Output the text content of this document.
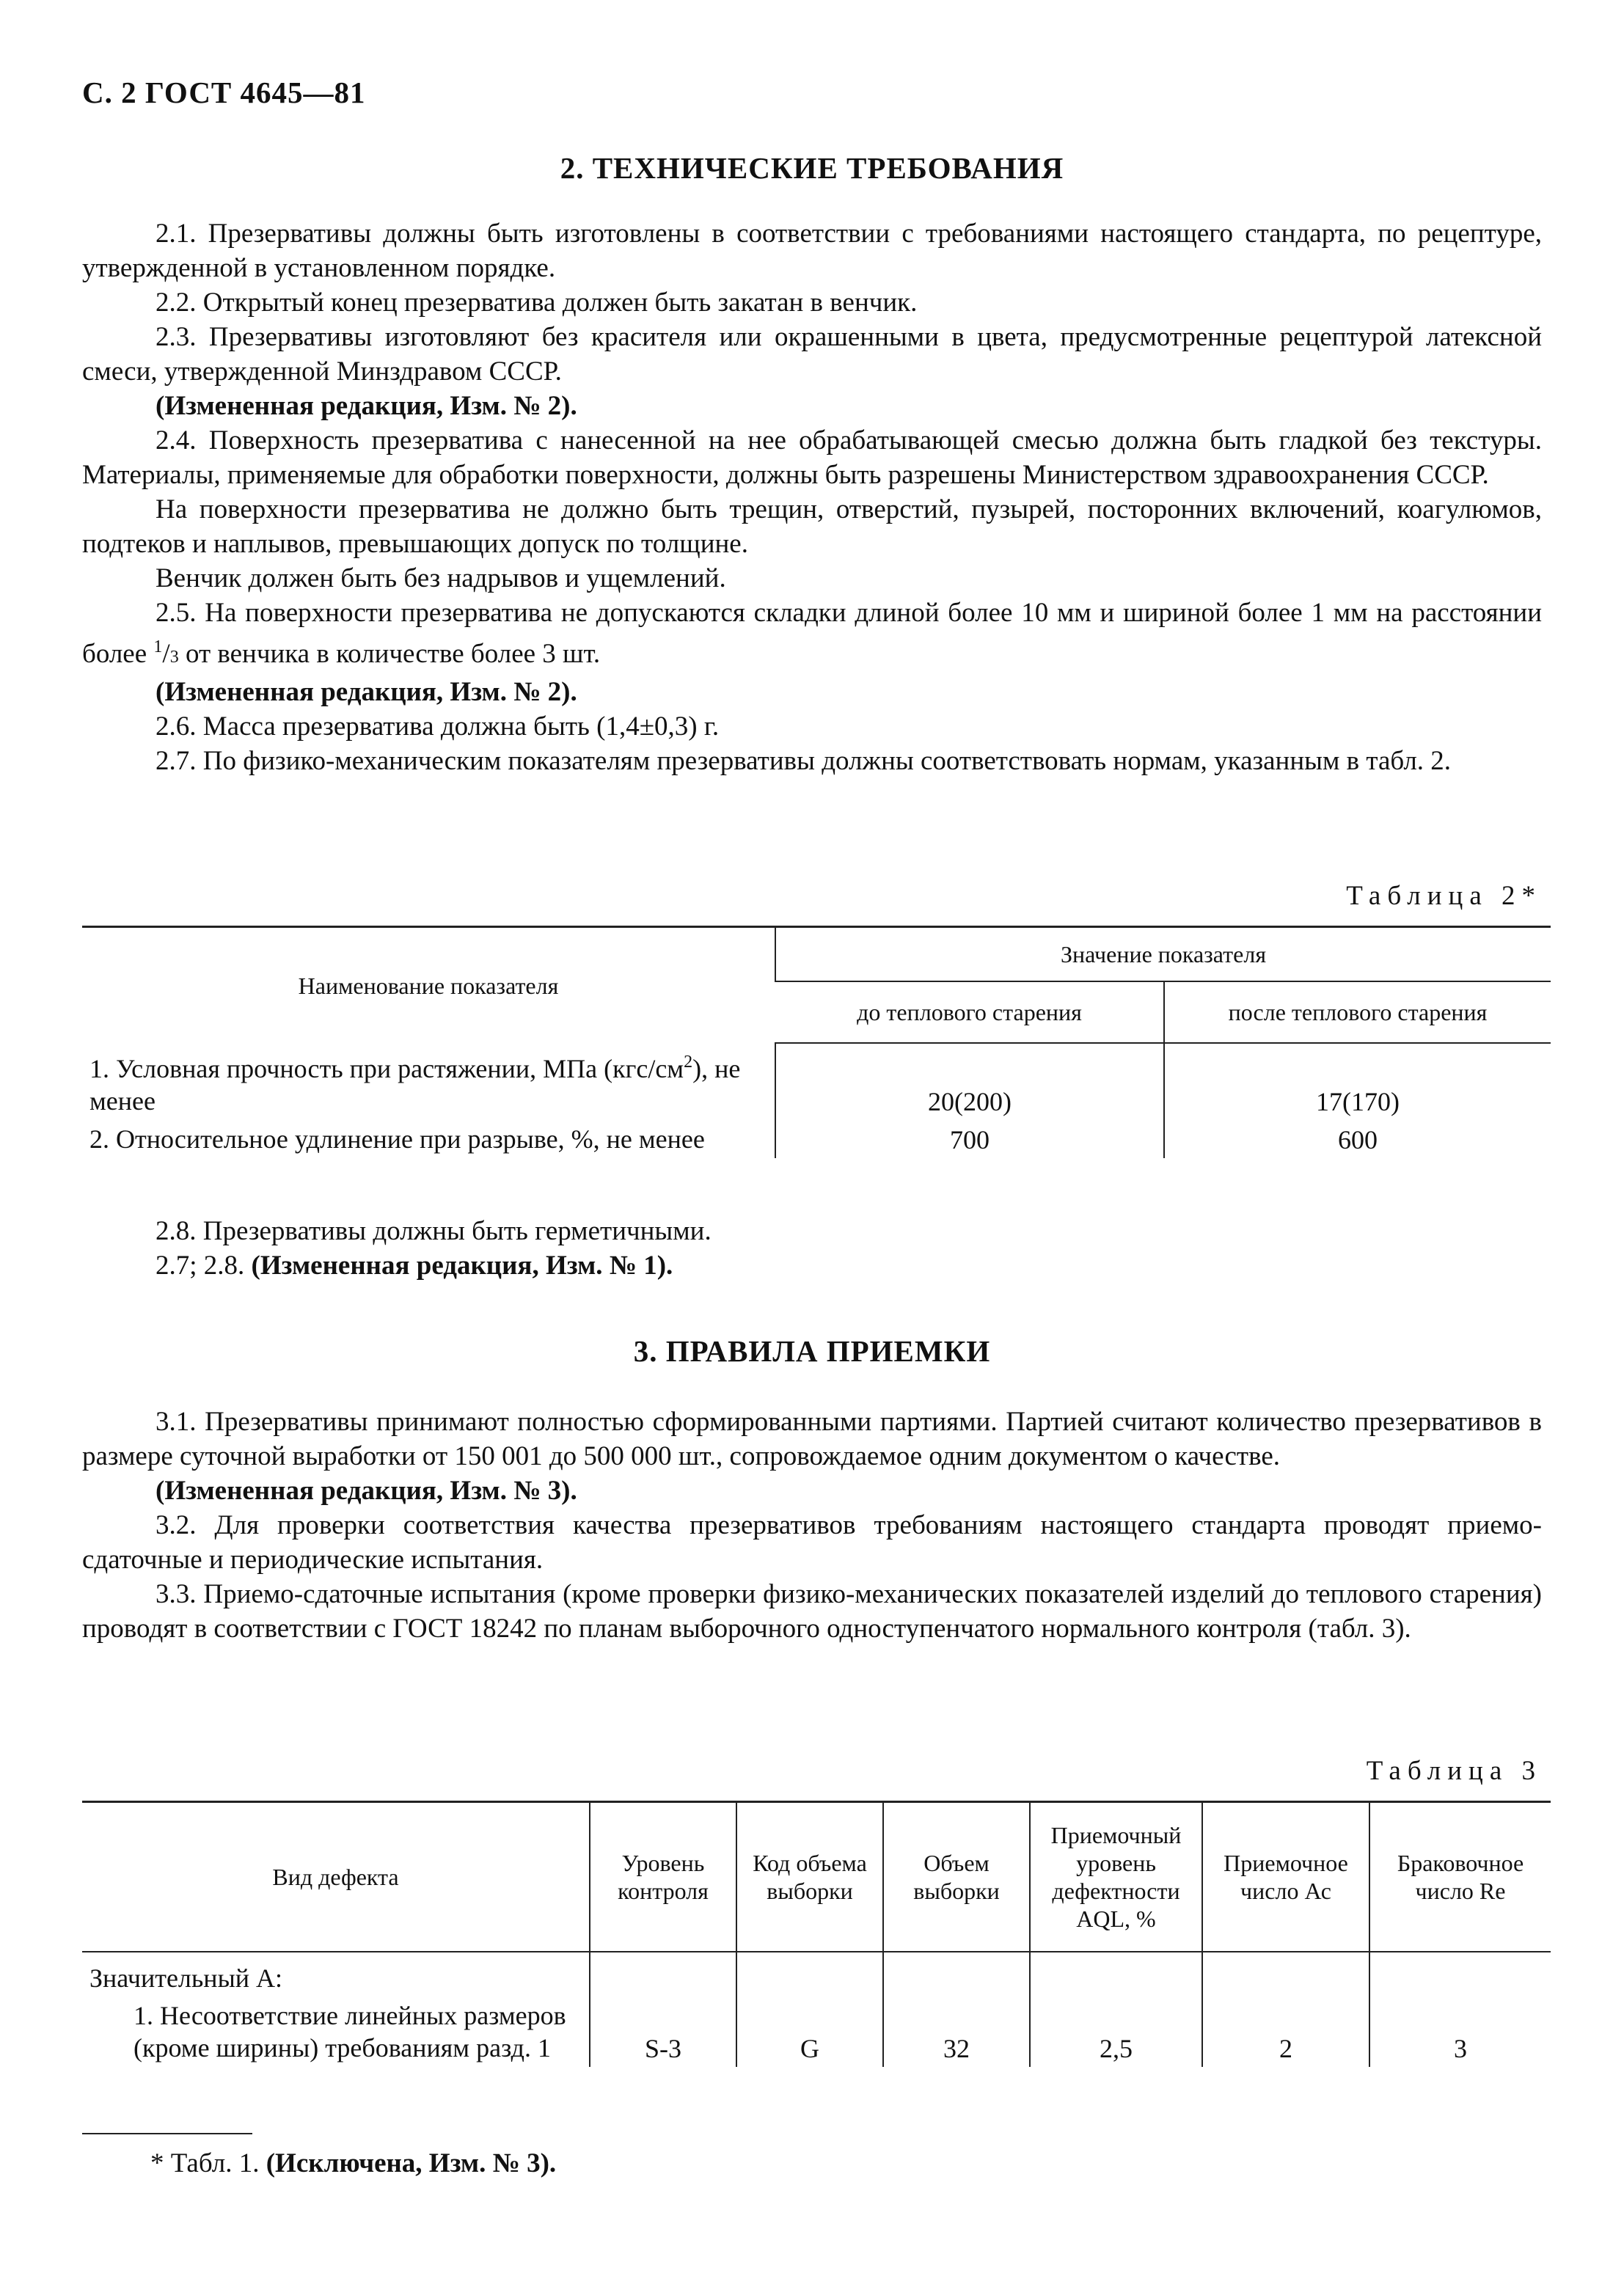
С. 2 ГОСТ 4645—81
2. ТЕХНИЧЕСКИЕ ТРЕБОВАНИЯ

2.1. Презервативы должны быть изготовлены в соответствии с требованиями настоящего стандарта, по рецептуре, утвержденной в установленном порядке.

2.2. Открытый конец презерватива должен быть закатан в венчик.

2.3. Презервативы изготовляют без красителя или окрашенными в цвета, предусмотренные рецептурой латексной смеси, утвержденной Минздравом СССР.

(Измененная редакция, Изм. № 2).

2.4. Поверхность презерватива с нанесенной на нее обрабатывающей смесью должна быть гладкой без текстуры. Материалы, применяемые для обработки поверхности, должны быть разрешены Министерством здравоохранения СССР.

На поверхности презерватива не должно быть трещин, отверстий, пузырей, посторонних включений, коагулюмов, подтеков и наплывов, превышающих допуск по толщине.

Венчик должен быть без надрывов и ущемлений.

2.5. На поверхности презерватива не допускаются складки длиной более 10 мм и шириной более 1 мм на расстоянии более $^1$/3 от венчика в количестве более 3 шт.

(Измененная редакция, Изм. № 2).

2.6. Масса презерватива должна быть (1,4±0,3) г.

2.7. По физико-механическим показателям презервативы должны соответствовать нормам, указанным в табл. 2.

Таблица 2*
Наименование показателя	Значение показателя	
	до теплового старения	после теплового старения
1. Условная прочность при растяжении, МПа $(кгс/см^2)$, не менее	20(200)	17(170)
2. Относительное удлинение при разрыве, %, не менее	700	600

2.8. Презервативы должны быть герметичными.

2.7; 2.8. (Измененная редакция, Изм. № 1).

3. ПРАВИЛА ПРИЕМКИ

3.1. Презервативы принимают полностью сформированными партиями. Партией считают количество презервативов в размере суточной выработки от 150 001 до 500 000 шт., сопровождаемое одним документом о качестве.

(Измененная редакция, Изм. № 3).

3.2. Для проверки соответствия качества презервативов требованиям настоящего стандарта проводят приемо-сдаточные и периодические испытания.

3.3. Приемо-сдаточные испытания (кроме проверки физико-механических показателей изделий до теплового старения) проводят в соответствии с ГОСТ 18242 по планам выборочного одноступенчатого нормального контроля (табл. 3).

Таблица 3
Вид дефекта	Уровень контроля	Код объема выборки	Объем выборки	Приемочный уровень дефектности AQL, %	Приемочное число Ас	Браковочное число Re
Значительный А:						
1. Несоответствие линейных размеров (кроме ширины) требованиям разд. 1	S-3	G	32	2,5	2	3
* Табл. 1. (Исключена, Изм. № 3).
